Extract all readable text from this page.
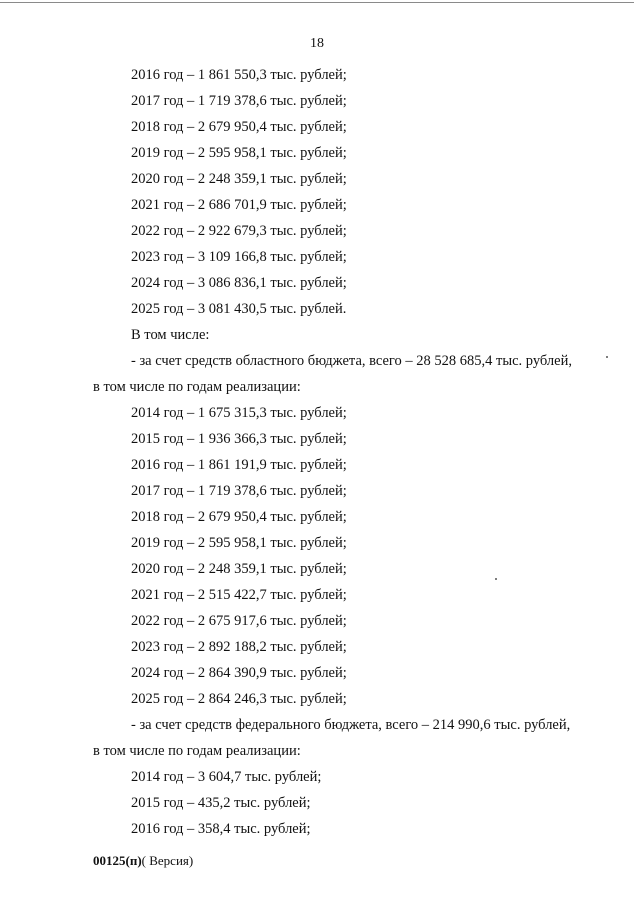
18
2016 год – 1 861 550,3 тыс. рублей;
2017 год – 1 719 378,6 тыс. рублей;
2018 год – 2 679 950,4 тыс. рублей;
2019 год – 2 595 958,1 тыс. рублей;
2020 год – 2 248 359,1 тыс. рублей;
2021 год – 2 686 701,9 тыс. рублей;
2022 год – 2 922 679,3 тыс. рублей;
2023 год – 3 109 166,8 тыс. рублей;
2024 год – 3 086 836,1 тыс. рублей;
2025 год – 3 081 430,5 тыс. рублей.
В том числе:
- за счет средств областного бюджета, всего – 28 528 685,4 тыс. рублей,
в том числе по годам реализации:
2014 год – 1 675 315,3 тыс. рублей;
2015 год – 1 936 366,3 тыс. рублей;
2016 год – 1 861 191,9 тыс. рублей;
2017 год – 1 719 378,6 тыс. рублей;
2018 год – 2 679 950,4 тыс. рублей;
2019 год – 2 595 958,1 тыс. рублей;
2020 год – 2 248 359,1 тыс. рублей;
2021 год – 2 515 422,7 тыс. рублей;
2022 год – 2 675 917,6 тыс. рублей;
2023 год – 2 892 188,2 тыс. рублей;
2024 год – 2 864 390,9 тыс. рублей;
2025 год – 2 864 246,3 тыс. рублей;
- за счет средств федерального бюджета, всего – 214 990,6 тыс. рублей,
в том числе по годам реализации:
2014 год – 3 604,7 тыс. рублей;
2015 год – 435,2 тыс. рублей;
2016 год – 358,4 тыс. рублей;
00125(п)( Версия)
